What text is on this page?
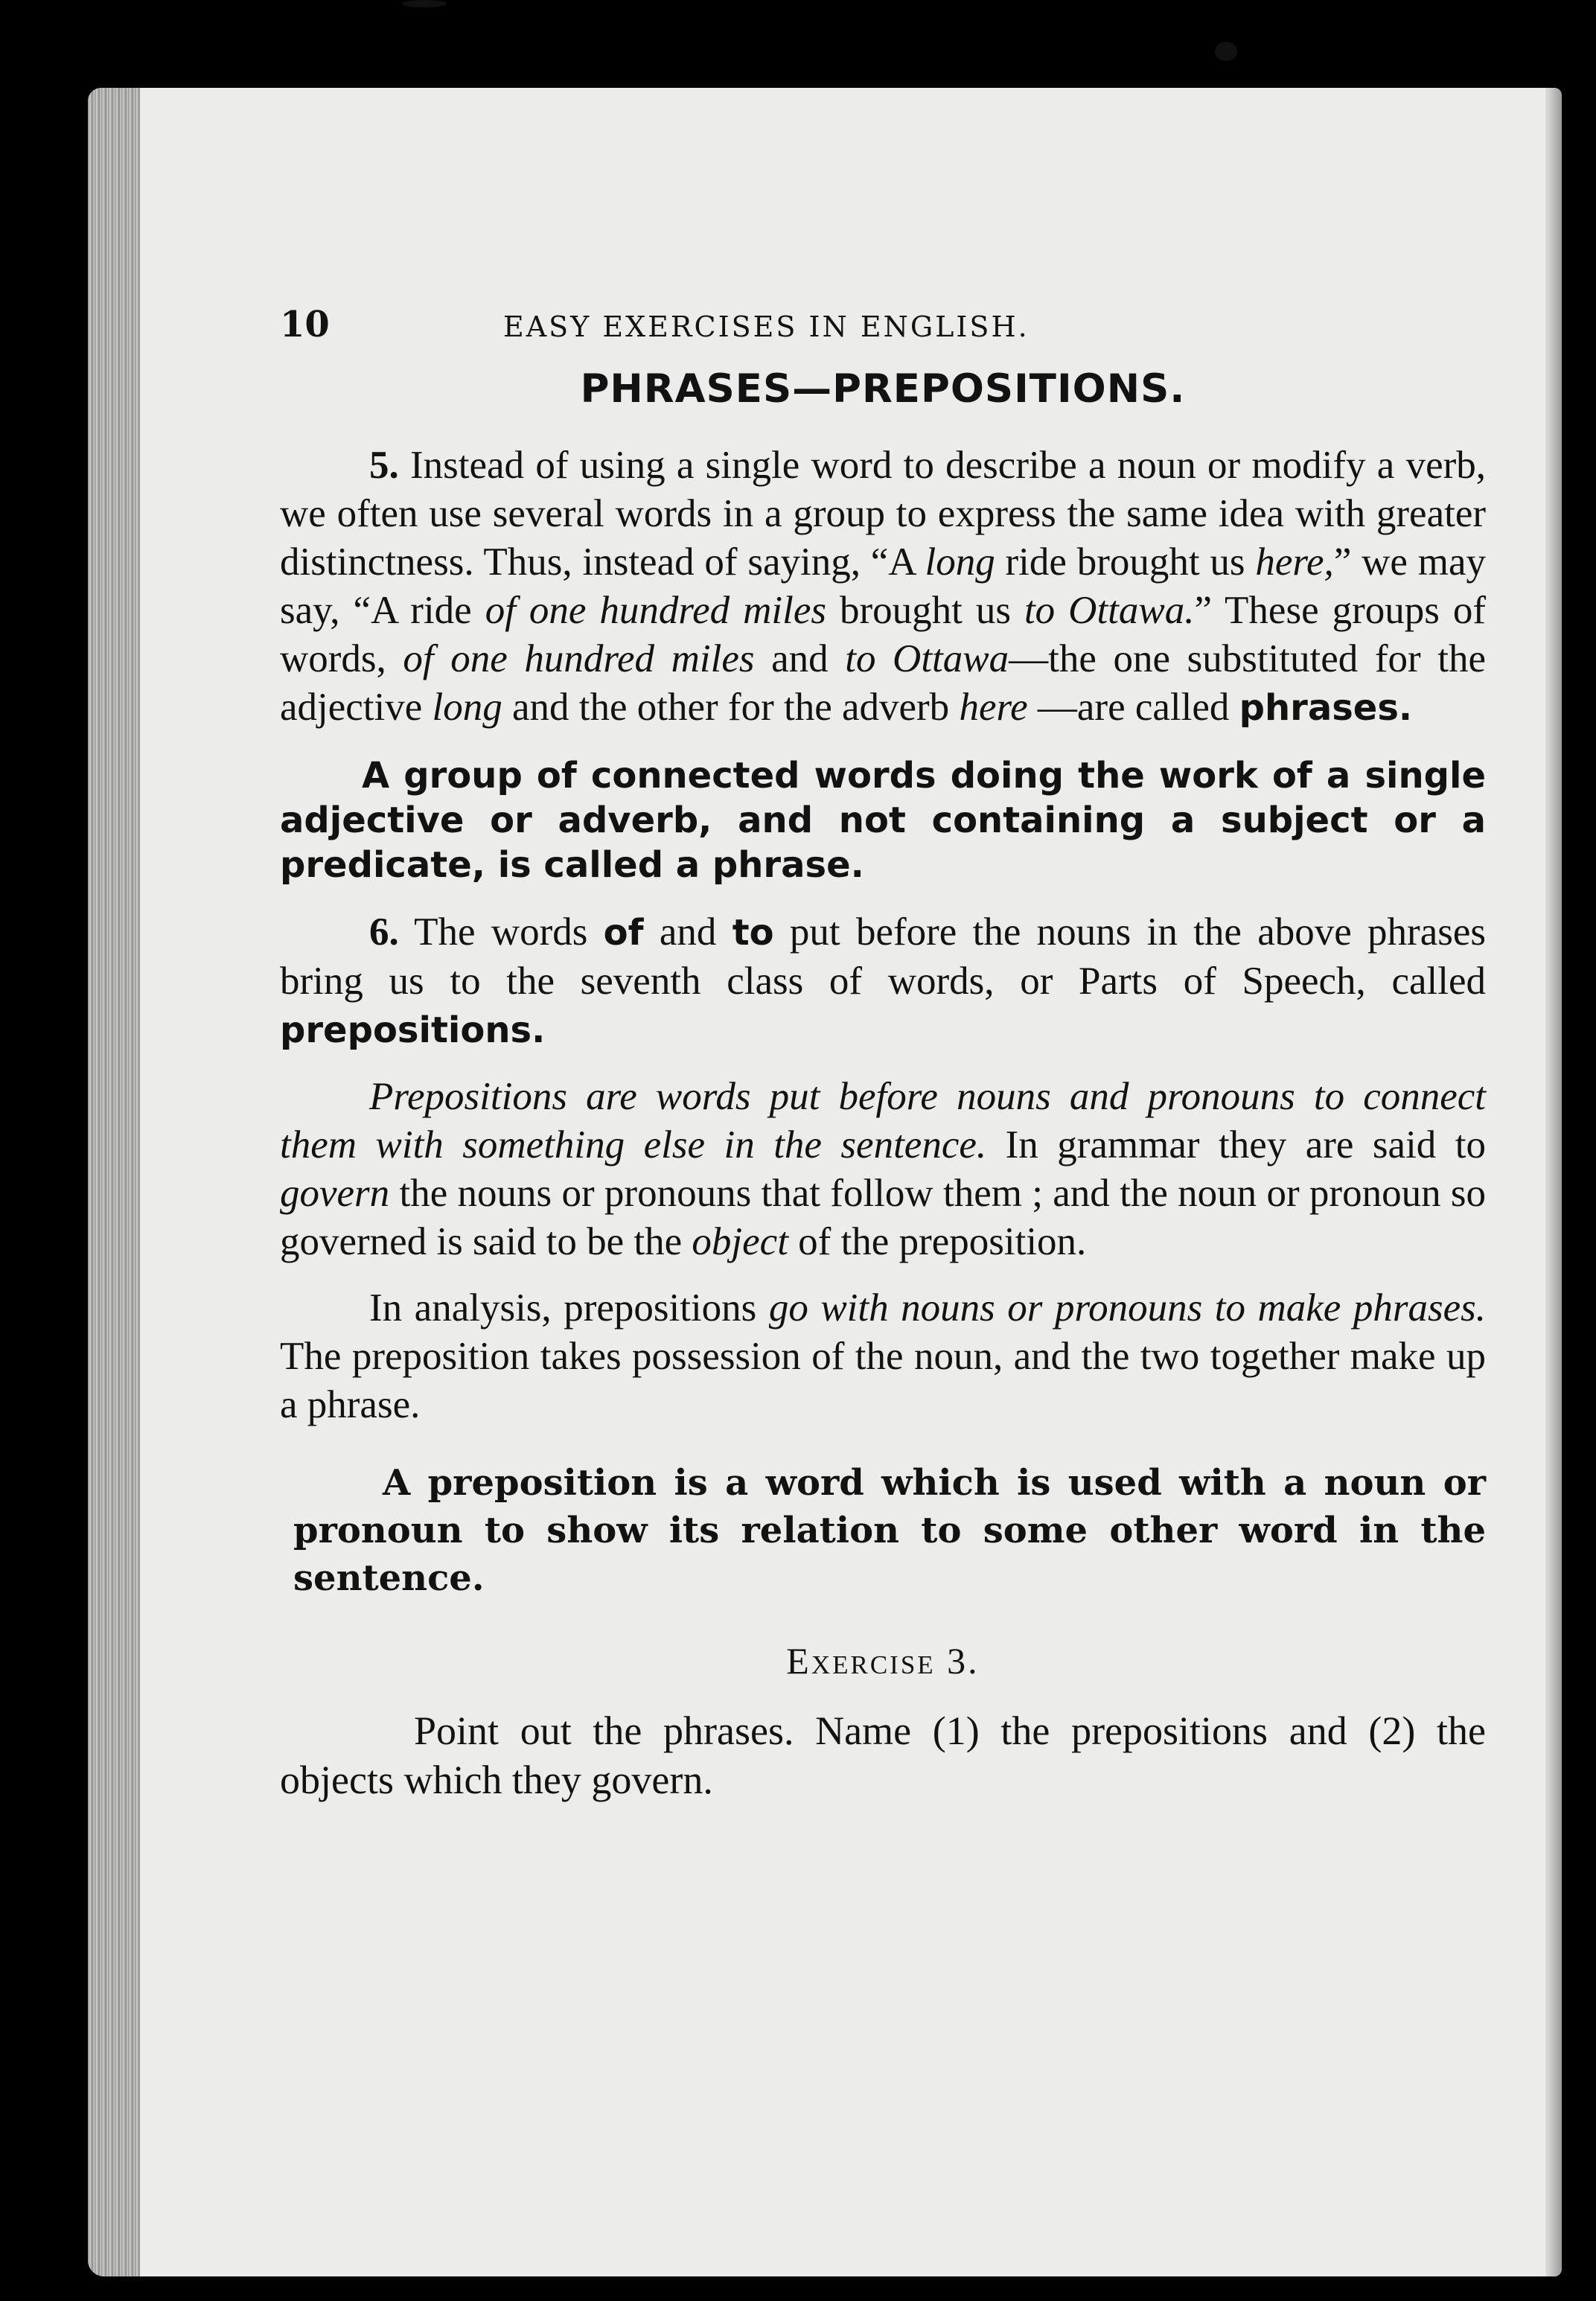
10	EASY EXERCISES IN ENGLISH.
PHRASES—PREPOSITIONS.

5. Instead of using a single word to describe a noun or modify a verb, we often use several words in a group to express the same idea with greater distinctness. Thus, instead of saying, “A long ride brought us here,” we may say, “A ride of one hundred miles brought us to Ottawa.” These groups of words, of one hundred miles and to Ottawa—the one substituted for the adjective long and the other for the adverb here —are called phrases.

A group of connected words doing the work of a single adjective or adverb, and not containing a subject or a predicate, is called a phrase.

6. The words of and to put before the nouns in the above phrases bring us to the seventh class of words, or Parts of Speech, called prepositions.

Prepositions are words put before nouns and pronouns to connect them with something else in the sentence. In grammar they are said to govern the nouns or pronouns that follow them ; and the noun or pronoun so governed is said to be the object of the preposition.

In analysis, prepositions go with nouns or pronouns to make phrases. The preposition takes possession of the noun, and the two together make up a phrase.

A preposition is a word which is used with a noun or pronoun to show its relation to some other word in the sentence.

Exercise 3.

Point out the phrases. Name (1) the prepositions and (2) the objects which they govern.
